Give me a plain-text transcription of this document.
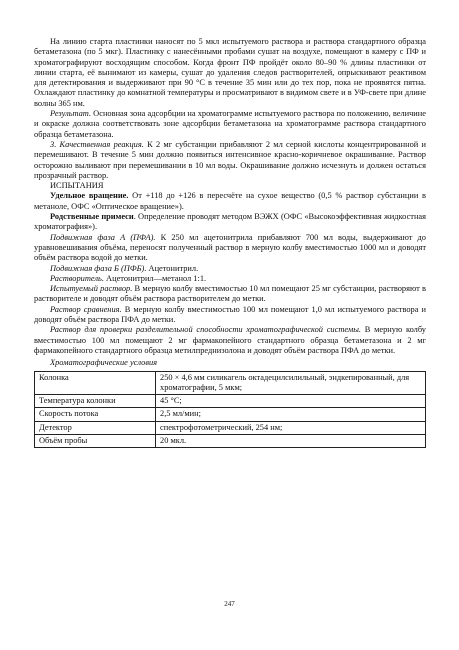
На линию старта пластинки наносят по 5 мкл испытуемого раствора и раствора стандартного образца бетаметазона (по 5 мкг). Пластинку с нанесёнными пробами сушат на воздухе, помещают в камеру с ПФ и хроматографируют восходящим способом. Когда фронт ПФ пройдёт около 80–90 % длины пластинки от линии старта, её вынимают из камеры, сушат до удаления следов растворителей, опрыскивают реактивом для детектирования и выдерживают при 90 °С в течение 35 мин или до тех пор, пока не проявятся пятна. Охлаждают пластинку до комнатной температуры и просматривают в видимом свете и в УФ-свете при длине волны 365 нм.

Результат. Основная зона адсорбции на хроматограмме испытуемого раствора по положению, величине и окраске должна соответствовать зоне адсорбции бетаметазона на хроматограмме раствора стандартного образца бетаметазона.

3. Качественная реакция. К 2 мг субстанции прибавляют 2 мл серной кислоты концентрированной и перемешивают. В течение 5 мин должно появиться интенсивное красно-коричневое окрашивание. Раствор осторожно выливают при перемешивании в 10 мл воды. Окрашивание должно исчезнуть и должен остаться прозрачный раствор.

ИСПЫТАНИЯ

Удельное вращение. От +118 до +126 в пересчёте на сухое вещество (0,5 % раствор субстанции в метаноле, ОФС «Оптическое вращение»).

Родственные примеси. Определение проводят методом ВЭЖХ (ОФС «Высокоэффективная жидкостная хроматография»).

Подвижная фаза А (ПФА). К 250 мл ацетонитрила прибавляют 700 мл воды, выдерживают до уравновешивания объёма, переносят полученный раствор в мерную колбу вместимостью 1000 мл и доводят объём раствора водой до метки.

Подвижная фаза Б (ПФБ). Ацетонитрил.

Растворитель. Ацетонитрил—метанол 1:1.

Испытуемый раствор. В мерную колбу вместимостью 10 мл помещают 25 мг субстанции, растворяют в растворителе и доводят объём раствора растворителем до метки.

Раствор сравнения. В мерную колбу вместимостью 100 мл помещают 1,0 мл испытуемого раствора и доводят объём раствора ПФА до метки.

Раствор для проверки разделительной способности хроматографической системы. В мерную колбу вместимостью 100 мл помещают 2 мг фармакопейного стандартного образца бетаметазона и 2 мг фармакопейного стандартного образца метилпреднизолона и доводят объём раствора ПФА до метки.

Хроматографические условия
Колонка	250 × 4,6 мм силикагель октадецилсилильный, эндкепированный, для хроматографии, 5 мкм;
Температура колонки	45 °С;
Скорость потока	2,5 мл/мин;
Детектор	спектрофотометрический, 254 нм;
Объём пробы	20 мкл.
247
